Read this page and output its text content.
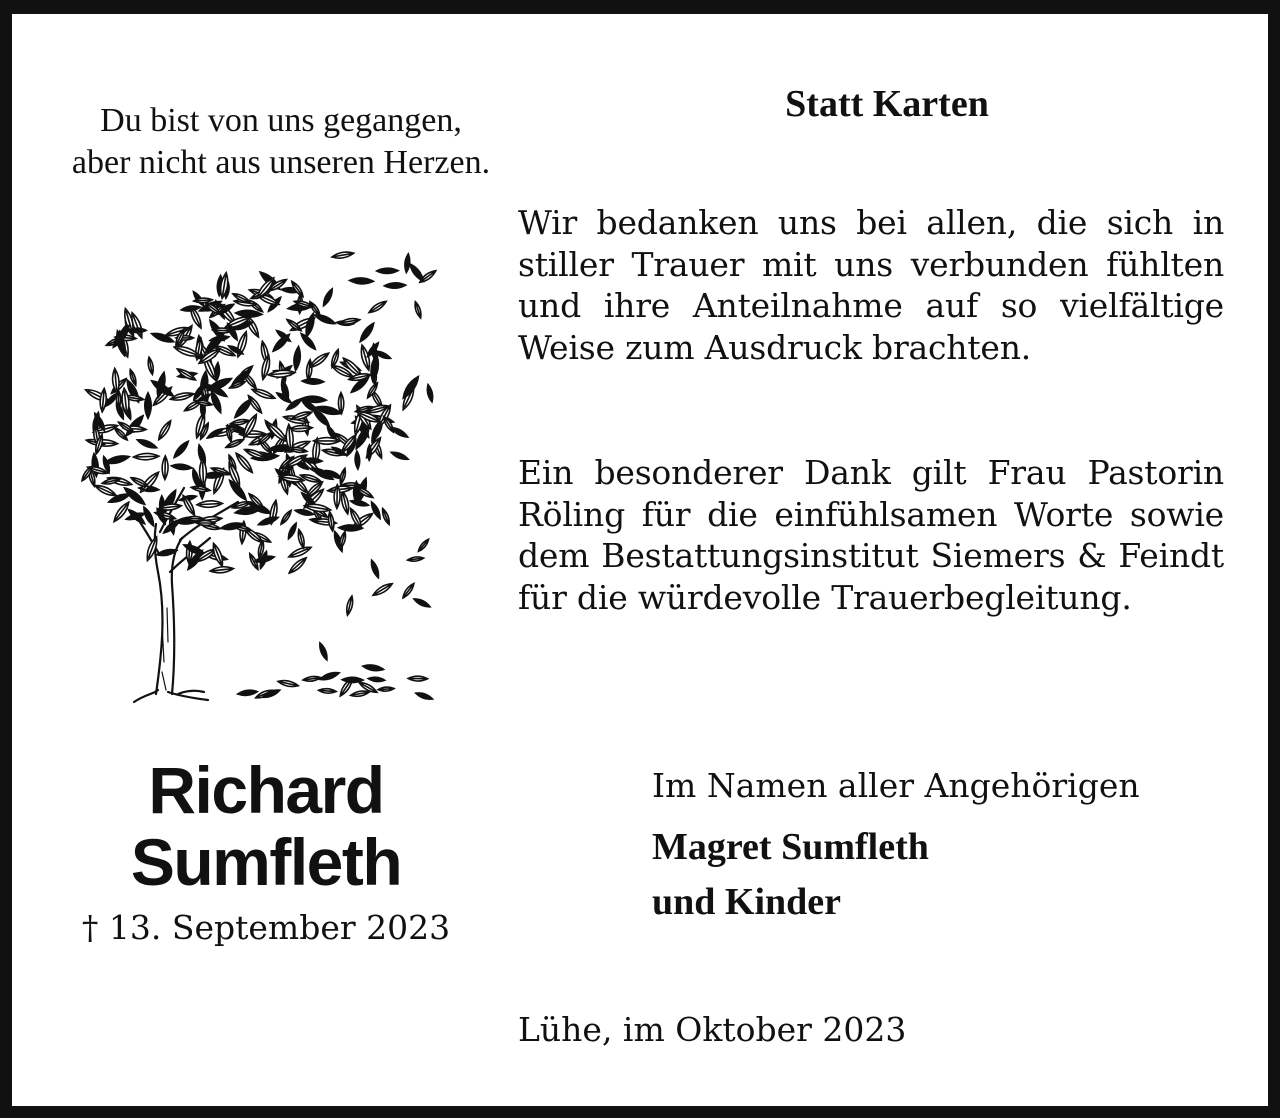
Du bist von uns gegangen,
aber nicht aus unseren Herzen.
Statt Karten
Wir bedanken uns bei allen, die sich in stiller Trauer mit uns verbunden fühlten und ihre Anteilnahme auf so vielfältige Weise zum Ausdruck brachten.
Ein besonderer Dank gilt Frau Pastorin Röling für die einfühlsamen Worte sowie dem Bestattungsinstitut Siemers & Feindt für die würdevolle Trauerbegleitung.
Richard
Sumfleth
† 13. September 2023
Im Namen aller Angehörigen
Magret Sumfleth
und Kinder
Lühe, im Oktober 2023
